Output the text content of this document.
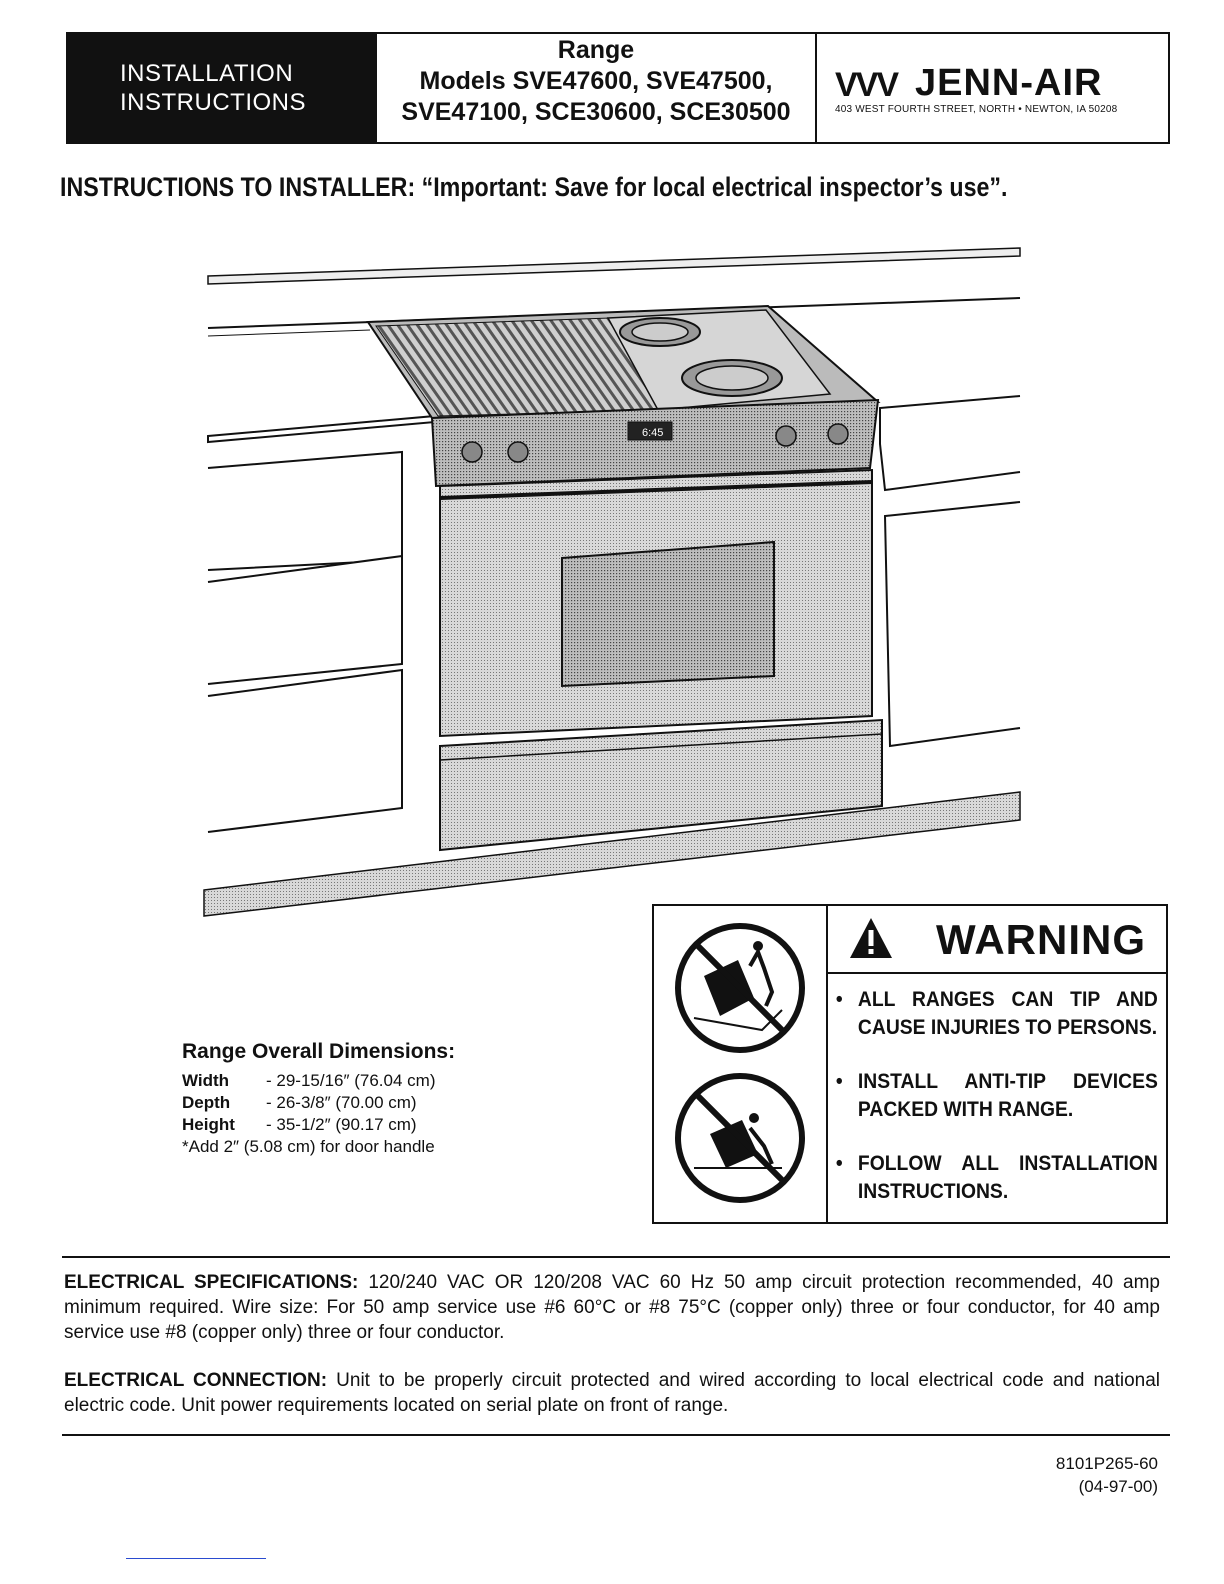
INSTALLATION
INSTRUCTIONS
Range
Models SVE47600, SVE47500,
SVE47100, SCE30600, SCE30500
VVV JENN-AIR
403 WEST FOURTH STREET, NORTH • NEWTON, IA 50208
INSTRUCTIONS TO INSTALLER: “Important: Save for local electrical inspector’s use”.
6:45
Range Overall Dimensions:
Width - 29-15/16″ (76.04 cm)
Depth - 26-3/8″ (70.00 cm)
Height - 35-1/2″ (90.17 cm)
*Add 2″ (5.08 cm) for door handle
WARNING
• ALL RANGES CAN TIP AND CAUSE INJURIES TO PERSONS.
• INSTALL ANTI-TIP DEVICES PACKED WITH RANGE.
• FOLLOW ALL INSTALLATION INSTRUCTIONS.
ELECTRICAL SPECIFICATIONS: 120/240 VAC OR 120/208 VAC 60 Hz 50 amp circuit protection recommended, 40 amp minimum required. Wire size: For 50 amp service use #6 60°C or #8 75°C (copper only) three or four conductor, for 40 amp service use #8 (copper only) three or four conductor.
ELECTRICAL CONNECTION: Unit to be properly circuit protected and wired according to local electrical code and national electric code. Unit power requirements located on serial plate on front of range.
8101P265-60
(04-97-00)
